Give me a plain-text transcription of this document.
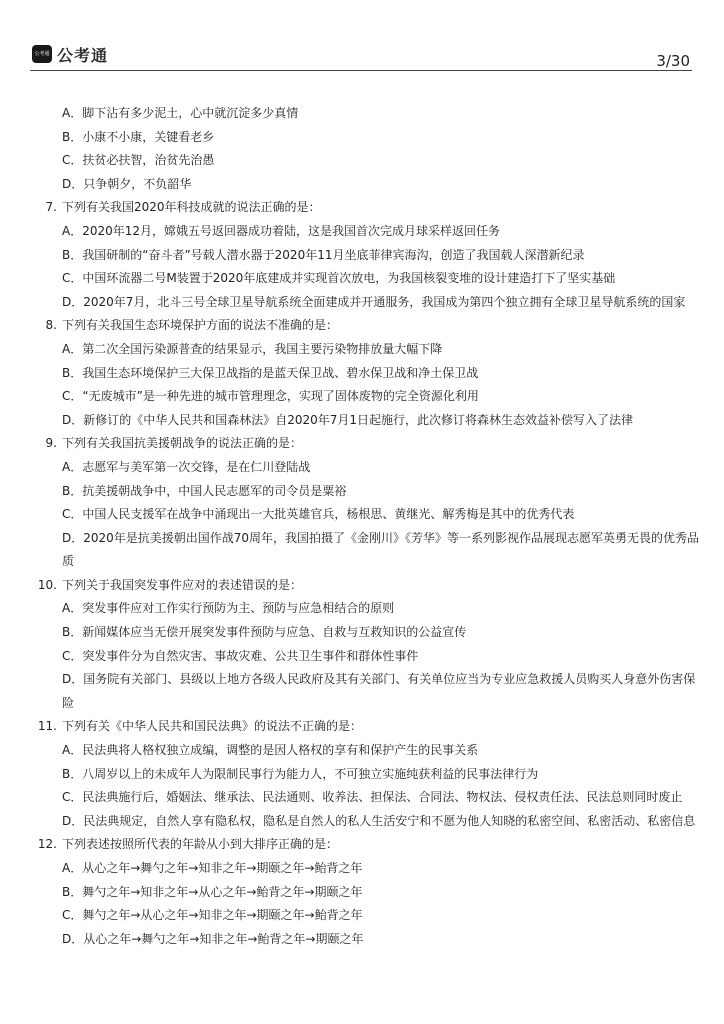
公考通 公考通	3/30
A．脚下沾有多少泥土，心中就沉淀多少真情
B．小康不小康，关键看老乡
C．扶贫必扶智，治贫先治愚
D．只争朝夕，不负韶华
7. 下列有关我国2020年科技成就的说法正确的是：
A．2020年12月，嫦娥五号返回器成功着陆，这是我国首次完成月球采样返回任务
B．我国研制的“奋斗者”号载人潜水器于2020年11月坐底菲律宾海沟，创造了我国载人深潜新纪录
C．中国环流器二号M装置于2020年底建成并实现首次放电，为我国核裂变堆的设计建造打下了坚实基础
D．2020年7月，北斗三号全球卫星导航系统全面建成并开通服务，我国成为第四个独立拥有全球卫星导航系统的国家
8. 下列有关我国生态环境保护方面的说法不准确的是：
A．第二次全国污染源普查的结果显示，我国主要污染物排放量大幅下降
B．我国生态环境保护三大保卫战指的是蓝天保卫战、碧水保卫战和净土保卫战
C．“无废城市”是一种先进的城市管理理念，实现了固体废物的完全资源化利用
D．新修订的《中华人民共和国森林法》自2020年7月1日起施行，此次修订将森林生态效益补偿写入了法律
9. 下列有关我国抗美援朝战争的说法正确的是：
A．志愿军与美军第一次交锋，是在仁川登陆战
B．抗美援朝战争中，中国人民志愿军的司令员是粟裕
C．中国人民支援军在战争中涌现出一大批英雄官兵，杨根思、黄继光、解秀梅是其中的优秀代表
D．2020年是抗美援朝出国作战70周年，我国拍摄了《金刚川》《芳华》等一系列影视作品展现志愿军英勇无畏的优秀品
质
10. 下列关于我国突发事件应对的表述错误的是：
A．突发事件应对工作实行预防为主、预防与应急相结合的原则
B．新闻媒体应当无偿开展突发事件预防与应急、自救与互救知识的公益宣传
C．突发事件分为自然灾害、事故灾难、公共卫生事件和群体性事件
D．国务院有关部门、县级以上地方各级人民政府及其有关部门、有关单位应当为专业应急救援人员购买人身意外伤害保
险
11. 下列有关《中华人民共和国民法典》的说法不正确的是：
A．民法典将人格权独立成编，调整的是因人格权的享有和保护产生的民事关系
B．八周岁以上的未成年人为限制民事行为能力人，不可独立实施纯获利益的民事法律行为
C．民法典施行后，婚姻法、继承法、民法通则、收养法、担保法、合同法、物权法、侵权责任法、民法总则同时废止
D．民法典规定，自然人享有隐私权，隐私是自然人的私人生活安宁和不愿为他人知晓的私密空间、私密活动、私密信息
12. 下列表述按照所代表的年龄从小到大排序正确的是：
A．从心之年→舞勺之年→知非之年→期颐之年→鲐背之年
B．舞勺之年→知非之年→从心之年→鲐背之年→期颐之年
C．舞勺之年→从心之年→知非之年→期颐之年→鲐背之年
D．从心之年→舞勺之年→知非之年→鲐背之年→期颐之年
